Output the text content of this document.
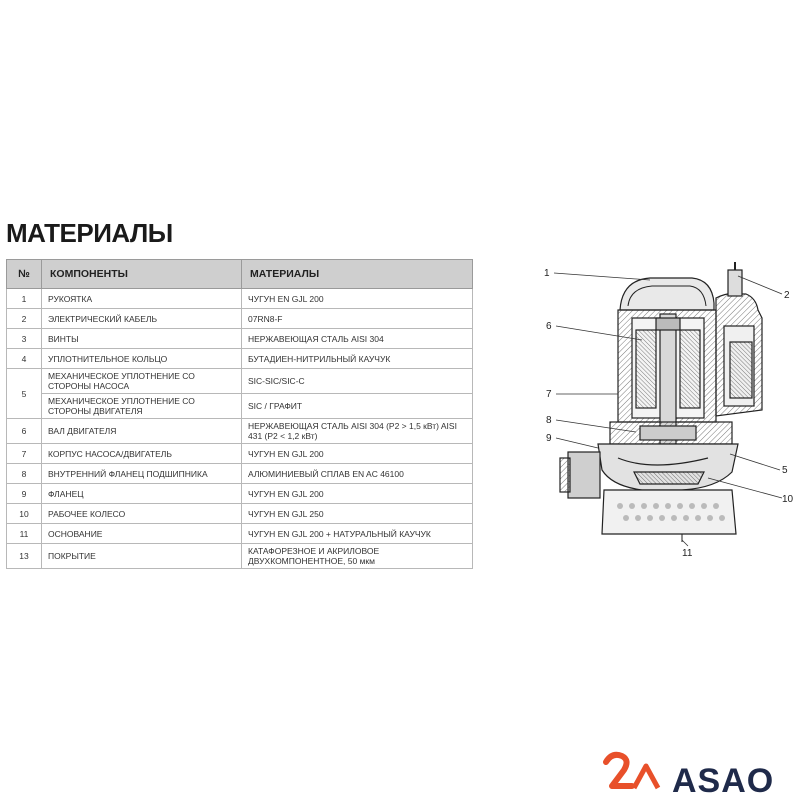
МАТЕРИАЛЫ
№	КОМПОНЕНТЫ	МАТЕРИАЛЫ
1	РУКОЯТКА	ЧУГУН EN GJL 200
2	ЭЛЕКТРИЧЕСКИЙ КАБЕЛЬ	07RN8-F
3	ВИНТЫ	НЕРЖАВЕЮЩАЯ СТАЛЬ AISI 304
4	УПЛОТНИТЕЛЬНОЕ КОЛЬЦО	БУТАДИЕН-НИТРИЛЬНЫЙ КАУЧУК
5	МЕХАНИЧЕСКОЕ УПЛОТНЕНИЕ СО СТОРОНЫ НАСОСА	SIC-SIC/SIC-C
	МЕХАНИЧЕСКОЕ УПЛОТНЕНИЕ СО СТОРОНЫ ДВИГАТЕЛЯ	SIC / ГРАФИТ
6	ВАЛ ДВИГАТЕЛЯ	НЕРЖАВЕЮЩАЯ СТАЛЬ AISI 304 (P2 > 1,5 кВт) AISI 431 (P2 < 1,2 кВт)
7	КОРПУС НАСОСА/ДВИГАТЕЛЬ	ЧУГУН EN GJL 200
8	ВНУТРЕННИЙ ФЛАНЕЦ ПОДШИПНИКА	АЛЮМИНИЕВЫЙ СПЛАВ EN AC 46100
9	ФЛАНЕЦ	ЧУГУН EN GJL 200
10	РАБОЧЕЕ КОЛЕСО	ЧУГУН EN GJL 250
11	ОСНОВАНИЕ	ЧУГУН EN GJL 200 + НАТУРАЛЬНЫЙ КАУЧУК
13	ПОКРЫТИЕ	КАТАФОРЕЗНОЕ И АКРИЛОВОЕ ДВУХКОМПОНЕНТНОЕ, 50 мкм
1
2
6
7
8
9
5
10
11
ASAO
